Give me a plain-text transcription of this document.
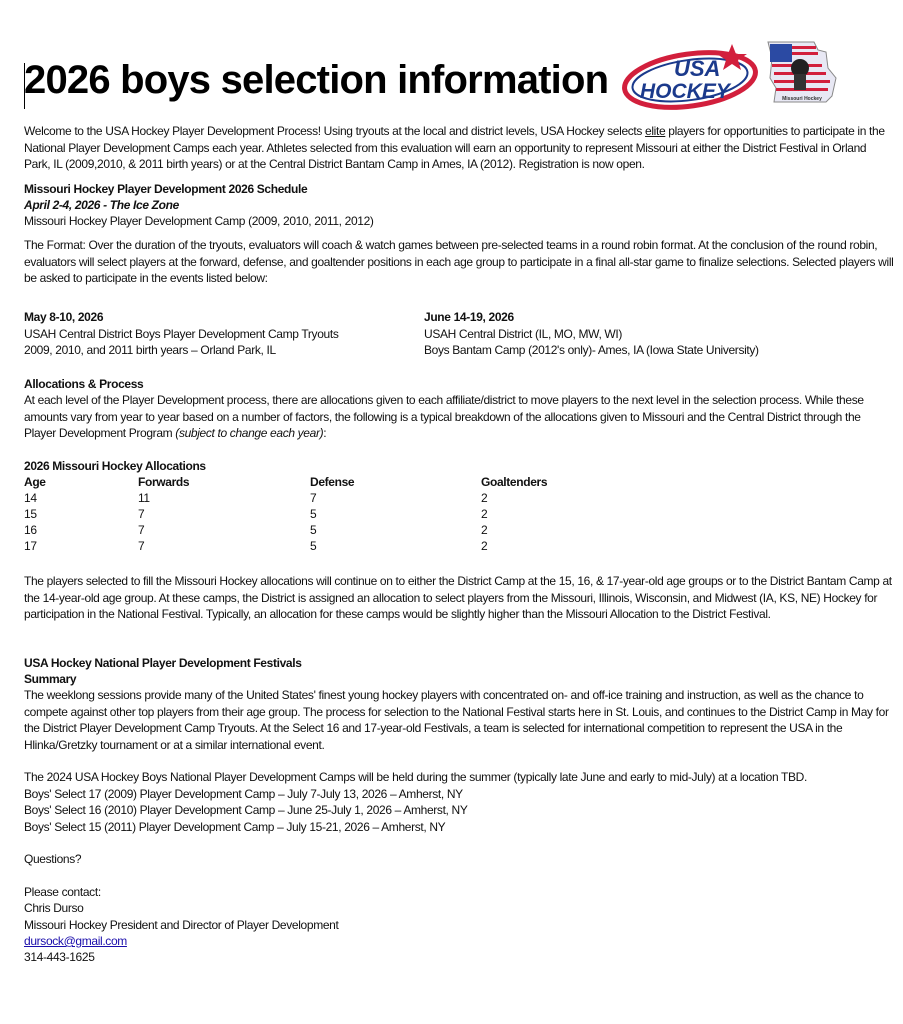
2026 boys selection information	USA
HOCKEY	Missouri Hockey
Welcome to the USA Hockey Player Development Process! Using tryouts at the local and district levels, USA Hockey selects elite players for opportunities to participate in the National Player Development Camps each year. Athletes selected from this evaluation will earn an opportunity to represent Missouri at either the District Festival in Orland Park, IL (2009,2010, & 2011 birth years) or at the Central District Bantam Camp in Ames, IA (2012). Registration is now open.
Missouri Hockey Player Development 2026 Schedule
April 2-4, 2026 - The Ice Zone
Missouri Hockey Player Development Camp (2009, 2010, 2011, 2012)
The Format: Over the duration of the tryouts, evaluators will coach & watch games between pre-selected teams in a round robin format. At the conclusion of the round robin, evaluators will select players at the forward, defense, and goaltender positions in each age group to participate in a final all-star game to finalize selections. Selected players will be asked to participate in the events listed below:
May 8-10, 2026
USAH Central District Boys Player Development Camp Tryouts
2009, 2010, and 2011 birth years – Orland Park, IL
June 14-19, 2026
USAH Central District (IL, MO, MW, WI)
Boys Bantam Camp (2012's only)- Ames, IA (Iowa State University)
Allocations & Process
At each level of the Player Development process, there are allocations given to each affiliate/district to move players to the next level in the selection process. While these amounts vary from year to year based on a number of factors, the following is a typical breakdown of the allocations given to Missouri and the Central District through the Player Development Program (subject to change each year):
2026 Missouri Hockey Allocations
Age	Forwards	Defense	Goaltenders
14	11	7	2
15	7	5	2
16	7	5	2
17	7	5	2
The players selected to fill the Missouri Hockey allocations will continue on to either the District Camp at the 15, 16, & 17-year-old age groups or to the District Bantam Camp at the 14-year-old age group. At these camps, the District is assigned an allocation to select players from the Missouri, Illinois, Wisconsin, and Midwest (IA, KS, NE) Hockey for participation in the National Festival. Typically, an allocation for these camps would be slightly higher than the Missouri Allocation to the District Festival.
USA Hockey National Player Development Festivals
Summary
The weeklong sessions provide many of the United States' finest young hockey players with concentrated on- and off-ice training and instruction, as well as the chance to compete against other top players from their age group. The process for selection to the National Festival starts here in St. Louis, and continues to the District Camp in May for the District Player Development Camp Tryouts. At the Select 16 and 17-year-old Festivals, a team is selected for international competition to represent the USA in the Hlinka/Gretzky tournament or at a similar international event.
The 2024 USA Hockey Boys National Player Development Camps will be held during the summer (typically late June and early to mid-July) at a location TBD.
Boys' Select 17 (2009) Player Development Camp – July 7-July 13, 2026 – Amherst, NY
Boys' Select 16 (2010) Player Development Camp – June 25-July 1, 2026 – Amherst, NY
Boys' Select 15 (2011) Player Development Camp – July 15-21, 2026 – Amherst, NY
Questions?
Please contact:
Chris Durso
Missouri Hockey President and Director of Player Development
dursock@gmail.com
314-443-1625
